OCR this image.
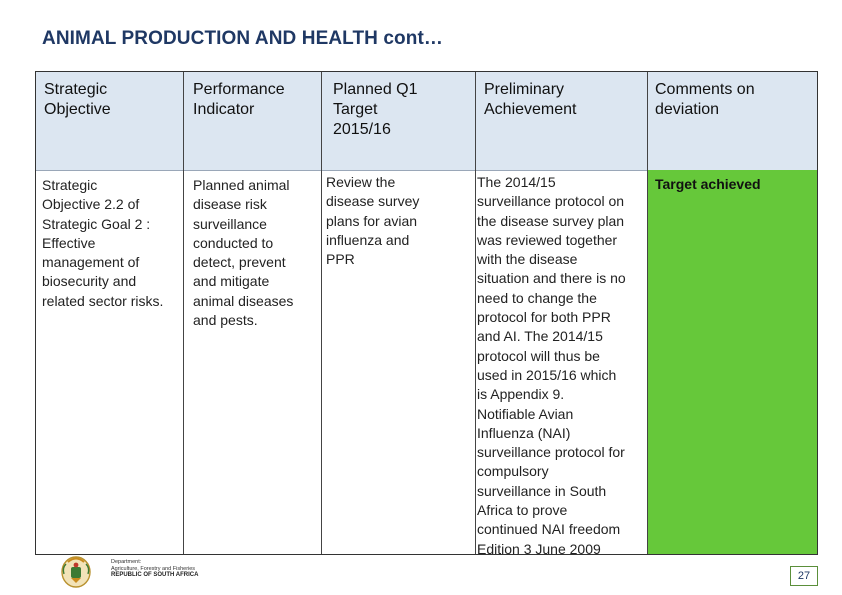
ANIMAL PRODUCTION AND HEALTH cont…
Strategic
Objective
Performance
Indicator
Planned Q1
Target
2015/16
Preliminary
Achievement
Comments on
deviation
Strategic
Objective 2.2 of
Strategic Goal 2 :
Effective
management of
biosecurity and
related sector risks.
Planned animal
disease risk
surveillance
conducted to
detect, prevent
and mitigate
animal diseases
and pests.
Review the
disease survey
plans for avian
influenza and
PPR
The 2014/15
surveillance protocol on
the disease survey plan
was reviewed together
with the disease
situation and there is no
need to change the
protocol for both PPR
and AI. The 2014/15
protocol will thus be
used in 2015/16 which
is Appendix 9.
Notifiable Avian
Influenza (NAI)
surveillance protocol for
compulsory
surveillance in South
Africa to prove
continued NAI freedom
Edition 3 June 2009
Target achieved
Department:
Agriculture, Forestry and Fisheries
REPUBLIC OF SOUTH AFRICA	27
